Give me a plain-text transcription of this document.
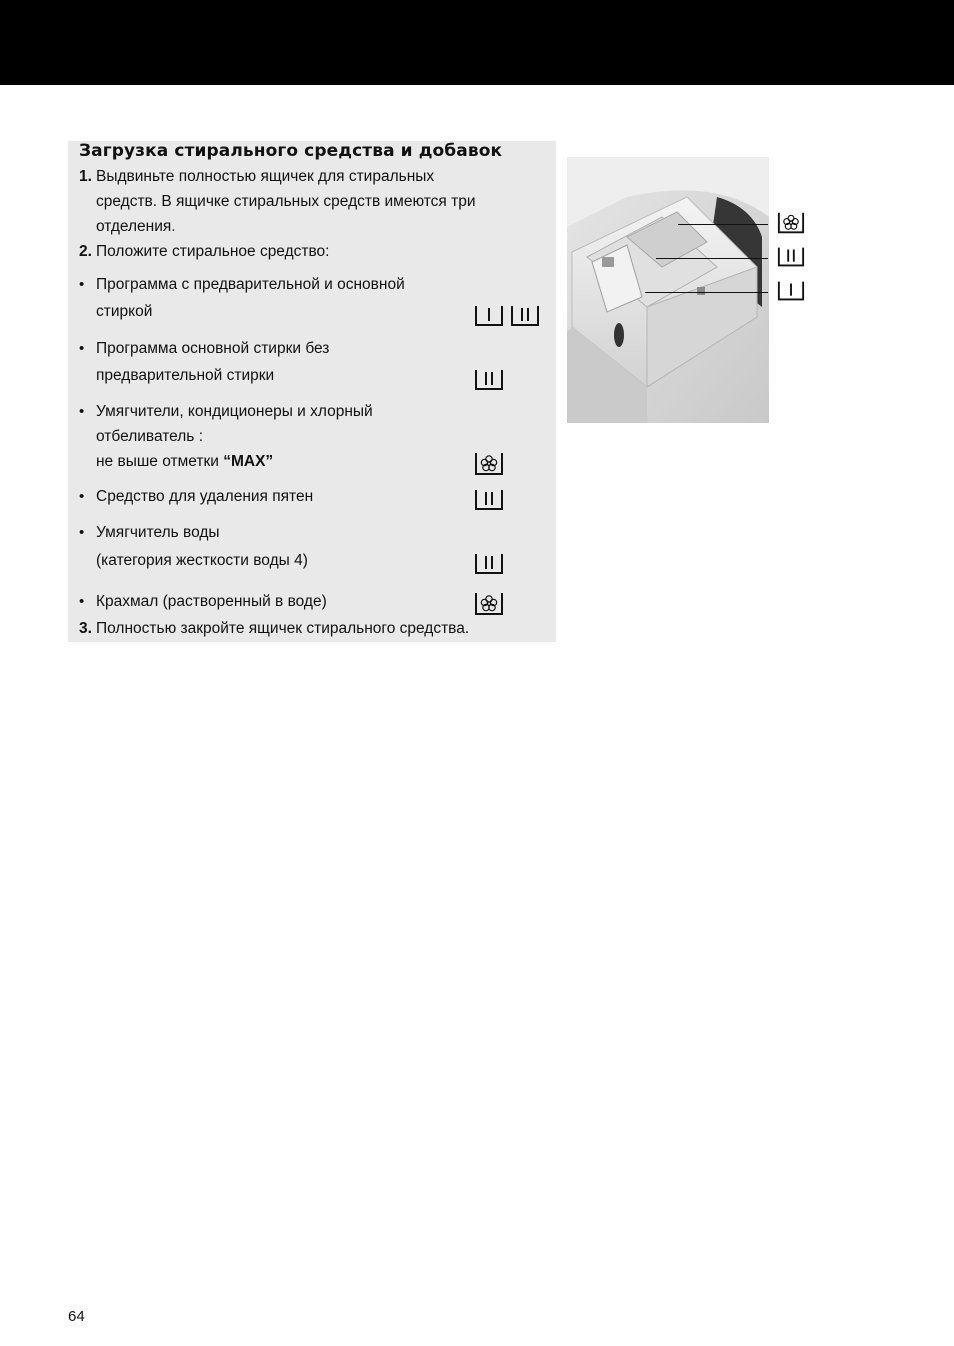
Загрузка стирального средства и добавок
1. Выдвиньте полностью ящичек для стиральных
средств. В ящичке стиральных средств имеются три
отделения.
2. Положите стиральное средство:
• Программа с предварительной и основной
стиркой
• Программа основной стирки без
предварительной стирки
• Умягчители, кондиционеры и хлорный
отбеливатель :
не выше отметки “MAX”
• Средство для удаления пятен
• Умягчитель воды
(категория жесткости воды 4)
• Крахмал (растворенный в воде)
3. Полностью закройте ящичек стирального средства.
64
